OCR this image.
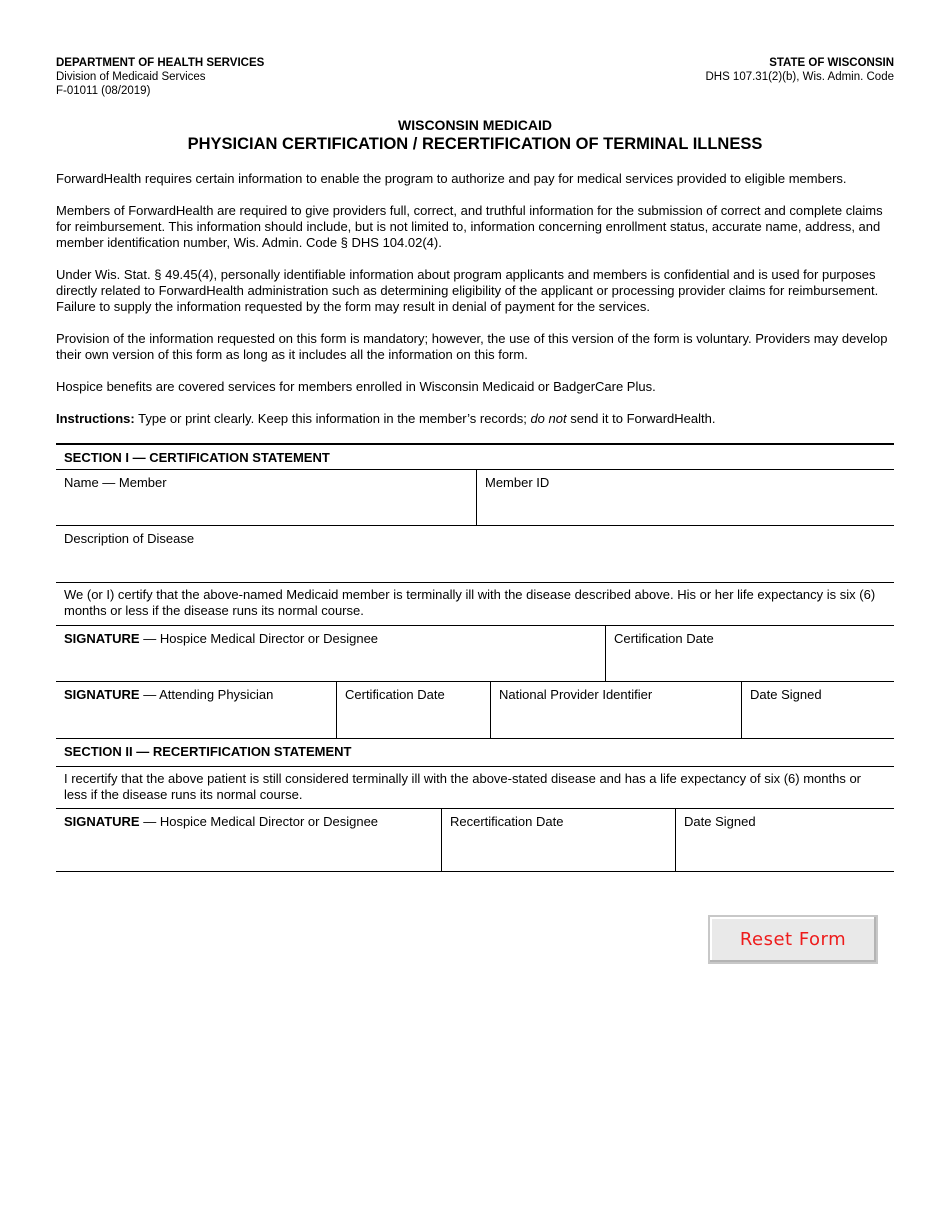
DEPARTMENT OF HEALTH SERVICES
Division of Medicaid Services
F-01011 (08/2019)
STATE OF WISCONSIN
DHS 107.31(2)(b), Wis. Admin. Code
WISCONSIN MEDICAID
PHYSICIAN CERTIFICATION / RECERTIFICATION OF TERMINAL ILLNESS

ForwardHealth requires certain information to enable the program to authorize and pay for medical services provided to eligible members.

Members of ForwardHealth are required to give providers full, correct, and truthful information for the submission of correct and complete claims for reimbursement. This information should include, but is not limited to, information concerning enrollment status, accurate name, address, and member identification number, Wis. Admin. Code § DHS 104.02(4).

Under Wis. Stat. § 49.45(4), personally identifiable information about program applicants and members is confidential and is used for purposes directly related to ForwardHealth administration such as determining eligibility of the applicant or processing provider claims for reimbursement. Failure to supply the information requested by the form may result in denial of payment for the services.

Provision of the information requested on this form is mandatory; however, the use of this version of the form is voluntary. Providers may develop their own version of this form as long as it includes all the information on this form.

Hospice benefits are covered services for members enrolled in Wisconsin Medicaid or BadgerCare Plus.

Instructions: Type or print clearly. Keep this information in the member’s records; do not send it to ForwardHealth.

SECTION I — CERTIFICATION STATEMENT
Name — Member	Member ID
Description of Disease
We (or I) certify that the above-named Medicaid member is terminally ill with the disease described above. His or her life expectancy is six (6) months or less if the disease runs its normal course.
SIGNATURE — Hospice Medical Director or Designee	Certification Date
SIGNATURE — Attending Physician	Certification Date	National Provider Identifier	Date Signed
SECTION II — RECERTIFICATION STATEMENT
I recertify that the above patient is still considered terminally ill with the above-stated disease and has a life expectancy of six (6) months or less if the disease runs its normal course.
SIGNATURE — Hospice Medical Director or Designee	Recertification Date	Date Signed
Reset Form
